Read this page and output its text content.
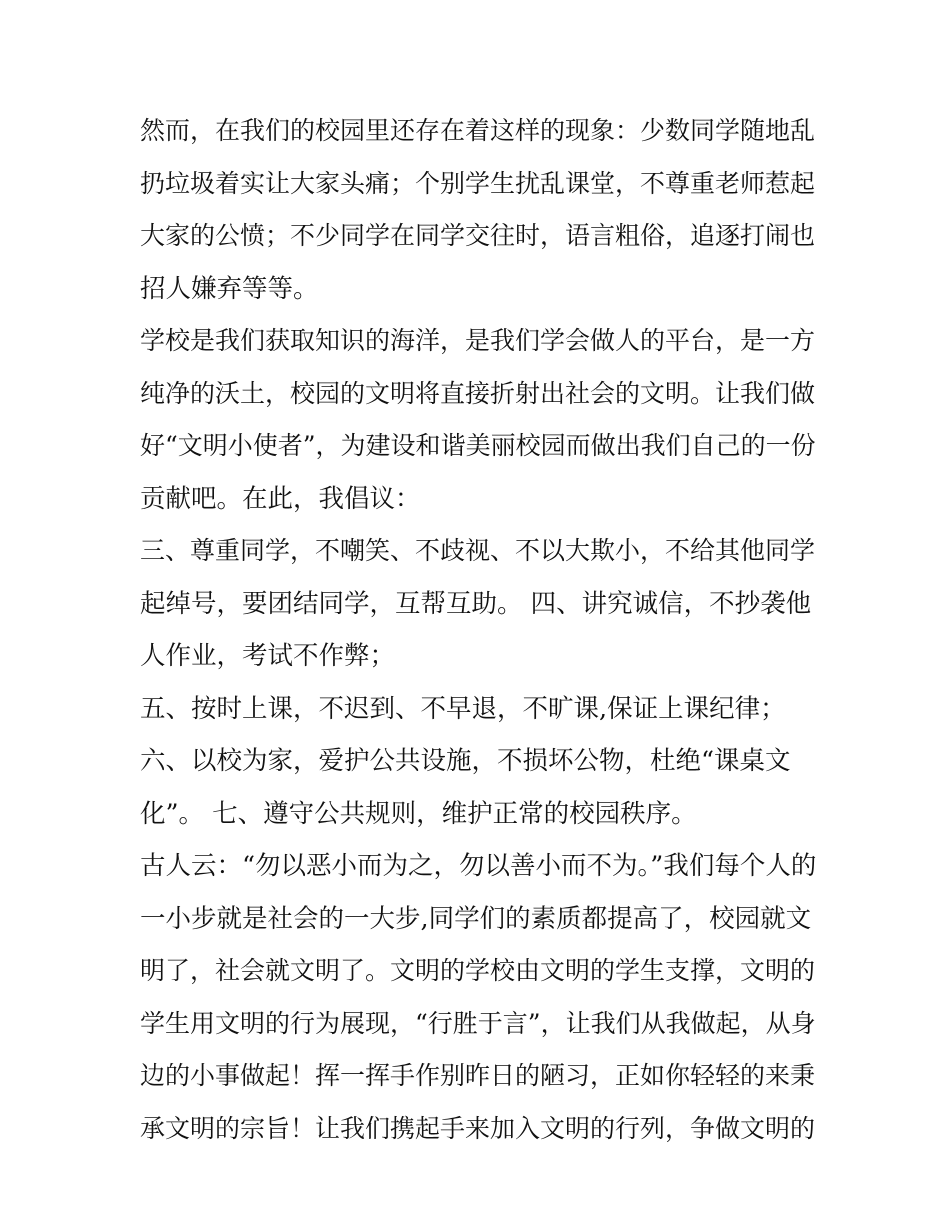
然而，在我们的校园里还存在着这样的现象：少数同学随地乱
扔垃圾着实让大家头痛；个别学生扰乱课堂，不尊重老师惹起
大家的公愤；不少同学在同学交往时，语言粗俗，追逐打闹也
招人嫌弃等等。
学校是我们获取知识的海洋，是我们学会做人的平台，是一方
纯净的沃土，校园的文明将直接折射出社会的文明。让我们做
好“文明小使者”，为建设和谐美丽校园而做出我们自己的一份
贡献吧。在此，我倡议：
三、尊重同学，不嘲笑、不歧视、不以大欺小，不给其他同学
起绰号，要团结同学，互帮互助。 四、讲究诚信，不抄袭他
人作业，考试不作弊；
五、按时上课，不迟到、不早退，不旷课,保证上课纪律；
六、以校为家，爱护公共设施，不损坏公物，杜绝“课桌文
化”。 七、遵守公共规则，维护正常的校园秩序。
古人云：“勿以恶小而为之，勿以善小而不为。”我们每个人的
一小步就是社会的一大步,同学们的素质都提高了，校园就文
明了，社会就文明了。文明的学校由文明的学生支撑，文明的
学生用文明的行为展现，“行胜于言”，让我们从我做起，从身
边的小事做起！挥一挥手作别昨日的陋习，正如你轻轻的来秉
承文明的宗旨！让我们携起手来加入文明的行列，争做文明的
